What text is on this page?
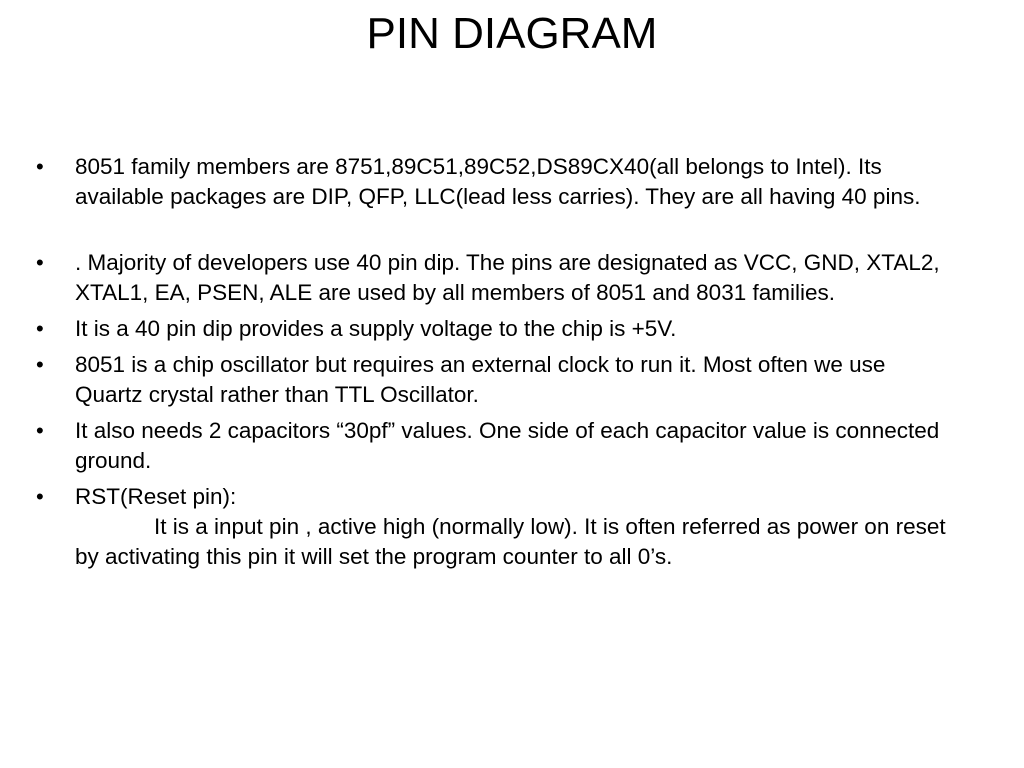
PIN DIAGRAM
•	8051 family members are 8751,89C51,89C52,DS89CX40(all belongs to Intel). Its available packages are DIP, QFP, LLC(lead less carries). They are all having 40 pins.
•	. Majority of developers use 40 pin dip. The pins are designated as VCC, GND, XTAL2, XTAL1, EA, PSEN, ALE are used by all members of 8051 and 8031 families.
•	It is a 40 pin dip provides a supply voltage to the chip is +5V.
•	8051 is a chip oscillator but requires an external clock to run it. Most often we use Quartz crystal rather than TTL Oscillator.
•	It also needs 2 capacitors “30pf” values. One side of each capacitor value is connected ground.
•	RST(Reset pin):
It is a input pin , active high (normally low). It is often referred as power on reset by activating this pin it will set the program counter to all 0’s.
